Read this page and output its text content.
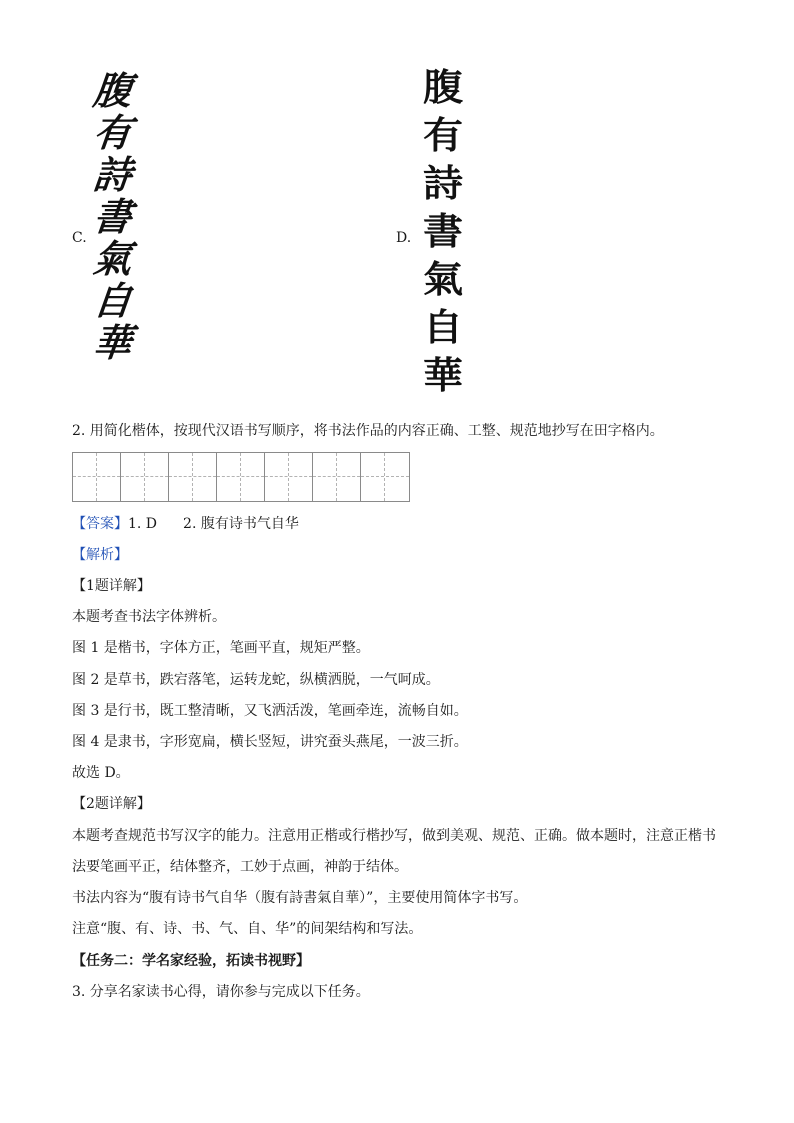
腹
有
詩
書
氣
自
華
C.
腹
有
詩
書
氣
自
華
D.
2. 用简化楷体，按现代汉语书写顺序，将书法作品的内容正确、工整、规范地抄写在田字格内。
【答案】1. D 2. 腹有诗书气自华
【解析】
【1题详解】
本题考查书法字体辨析。
图 1 是楷书，字体方正，笔画平直，规矩严整。
图 2 是草书，跌宕落笔，运转龙蛇，纵横洒脱，一气呵成。
图 3 是行书，既工整清晰，又飞洒活泼，笔画牵连，流畅自如。
图 4 是隶书，字形宽扁，横长竖短，讲究蚕头燕尾，一波三折。
故选 D。
【2题详解】
本题考查规范书写汉字的能力。注意用正楷或行楷抄写，做到美观、规范、正确。做本题时，注意正楷书
法要笔画平正，结体整齐，工妙于点画，神韵于结体。
书法内容为“腹有诗书气自华（腹有詩書氣自華）”，主要使用简体字书写。
注意“腹、有、诗、书、气、自、华”的间架结构和写法。
【任务二：学名家经验，拓读书视野】
3. 分享名家读书心得，请你参与完成以下任务。
